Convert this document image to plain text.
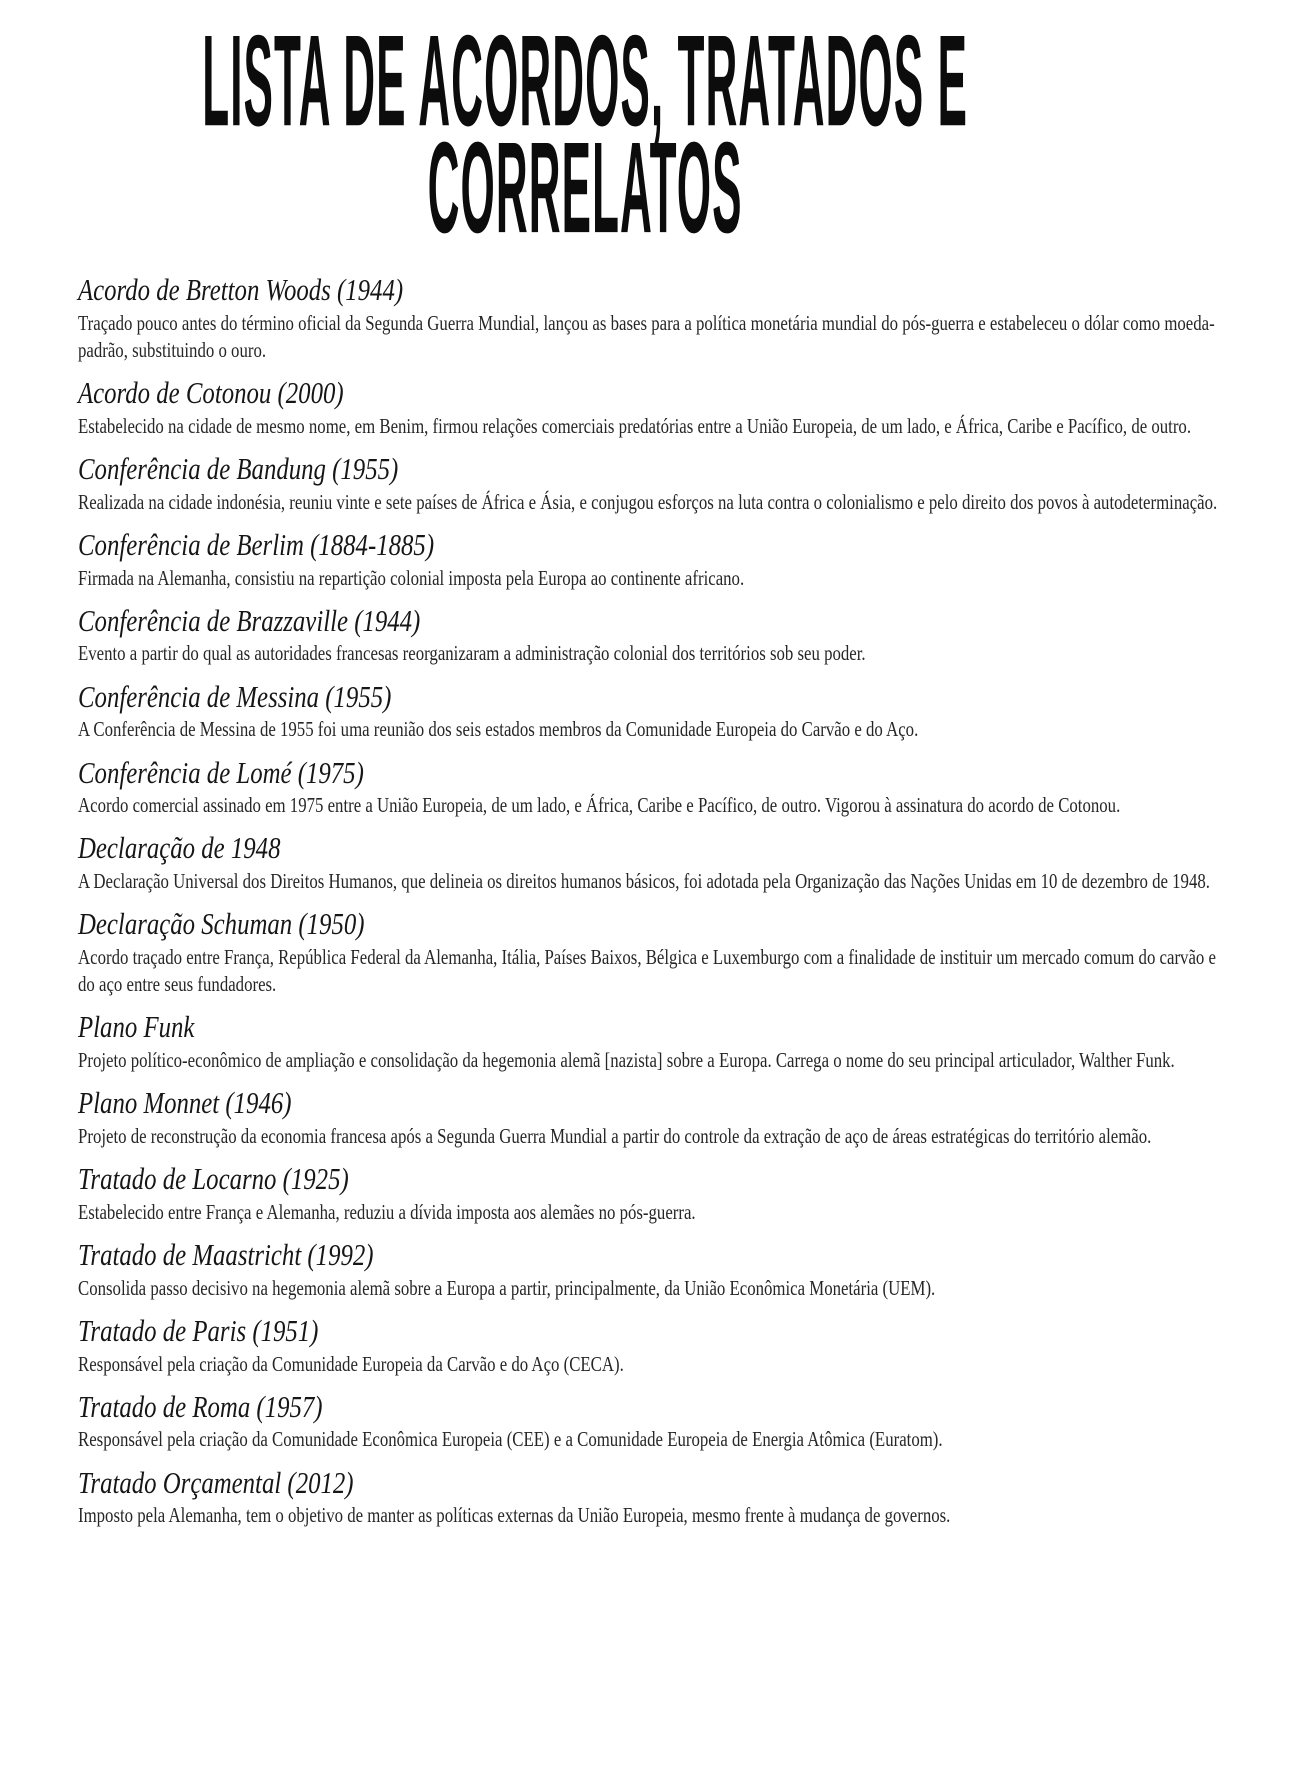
LISTA DE ACORDOS, TRATADOS E
CORRELATOS
Acordo de Bretton Woods (1944)

Traçado pouco antes do término oficial da Segunda Guerra Mundial, lançou as bases para a política monetária mundial do pós-guerra e estabeleceu o dólar como moeda-padrão, substituindo o ouro.

Acordo de Cotonou (2000)

Estabelecido na cidade de mesmo nome, em Benim, firmou relações comerciais predatórias entre a União Europeia, de um lado, e África, Caribe e Pacífico, de outro.

Conferência de Bandung (1955)

Realizada na cidade indonésia, reuniu vinte e sete países de África e Ásia, e conjugou esforços na luta contra o colonialismo e pelo direito dos povos à autodeterminação.

Conferência de Berlim (1884-1885)

Firmada na Alemanha, consistiu na repartição colonial imposta pela Europa ao continente africano.

Conferência de Brazzaville (1944)

Evento a partir do qual as autoridades francesas reorganizaram a administração colonial dos territórios sob seu poder.

Conferência de Messina (1955)

A Conferência de Messina de 1955 foi uma reunião dos seis estados membros da Comunidade Europeia do Carvão e do Aço.

Conferência de Lomé (1975)

Acordo comercial assinado em 1975 entre a União Europeia, de um lado, e África, Caribe e Pacífico, de outro. Vigorou à assinatura do acordo de Cotonou.

Declaração de 1948

A Declaração Universal dos Direitos Humanos, que delineia os direitos humanos básicos, foi adotada pela Organização das Nações Unidas em 10 de dezembro de 1948.

Declaração Schuman (1950)

Acordo traçado entre França, República Federal da Alemanha, Itália, Países Baixos, Bélgica e Luxemburgo com a finalidade de instituir um mercado comum do carvão e do aço entre seus fundadores.

Plano Funk

Projeto político-econômico de ampliação e consolidação da hegemonia alemã [nazista] sobre a Europa. Carrega o nome do seu principal articulador, Walther Funk.

Plano Monnet (1946)

Projeto de reconstrução da economia francesa após a Segunda Guerra Mundial a partir do controle da extração de aço de áreas estratégicas do território alemão.

Tratado de Locarno (1925)

Estabelecido entre França e Alemanha, reduziu a dívida imposta aos alemães no pós-guerra.

Tratado de Maastricht (1992)

Consolida passo decisivo na hegemonia alemã sobre a Europa a partir, principalmente, da União Econômica Monetária (UEM).

Tratado de Paris (1951)

Responsável pela criação da Comunidade Europeia da Carvão e do Aço (CECA).

Tratado de Roma (1957)

Responsável pela criação da Comunidade Econômica Europeia (CEE) e a Comunidade Europeia de Energia Atômica (Euratom).

Tratado Orçamental (2012)

Imposto pela Alemanha, tem o objetivo de manter as políticas externas da União Europeia, mesmo frente à mudança de governos.
